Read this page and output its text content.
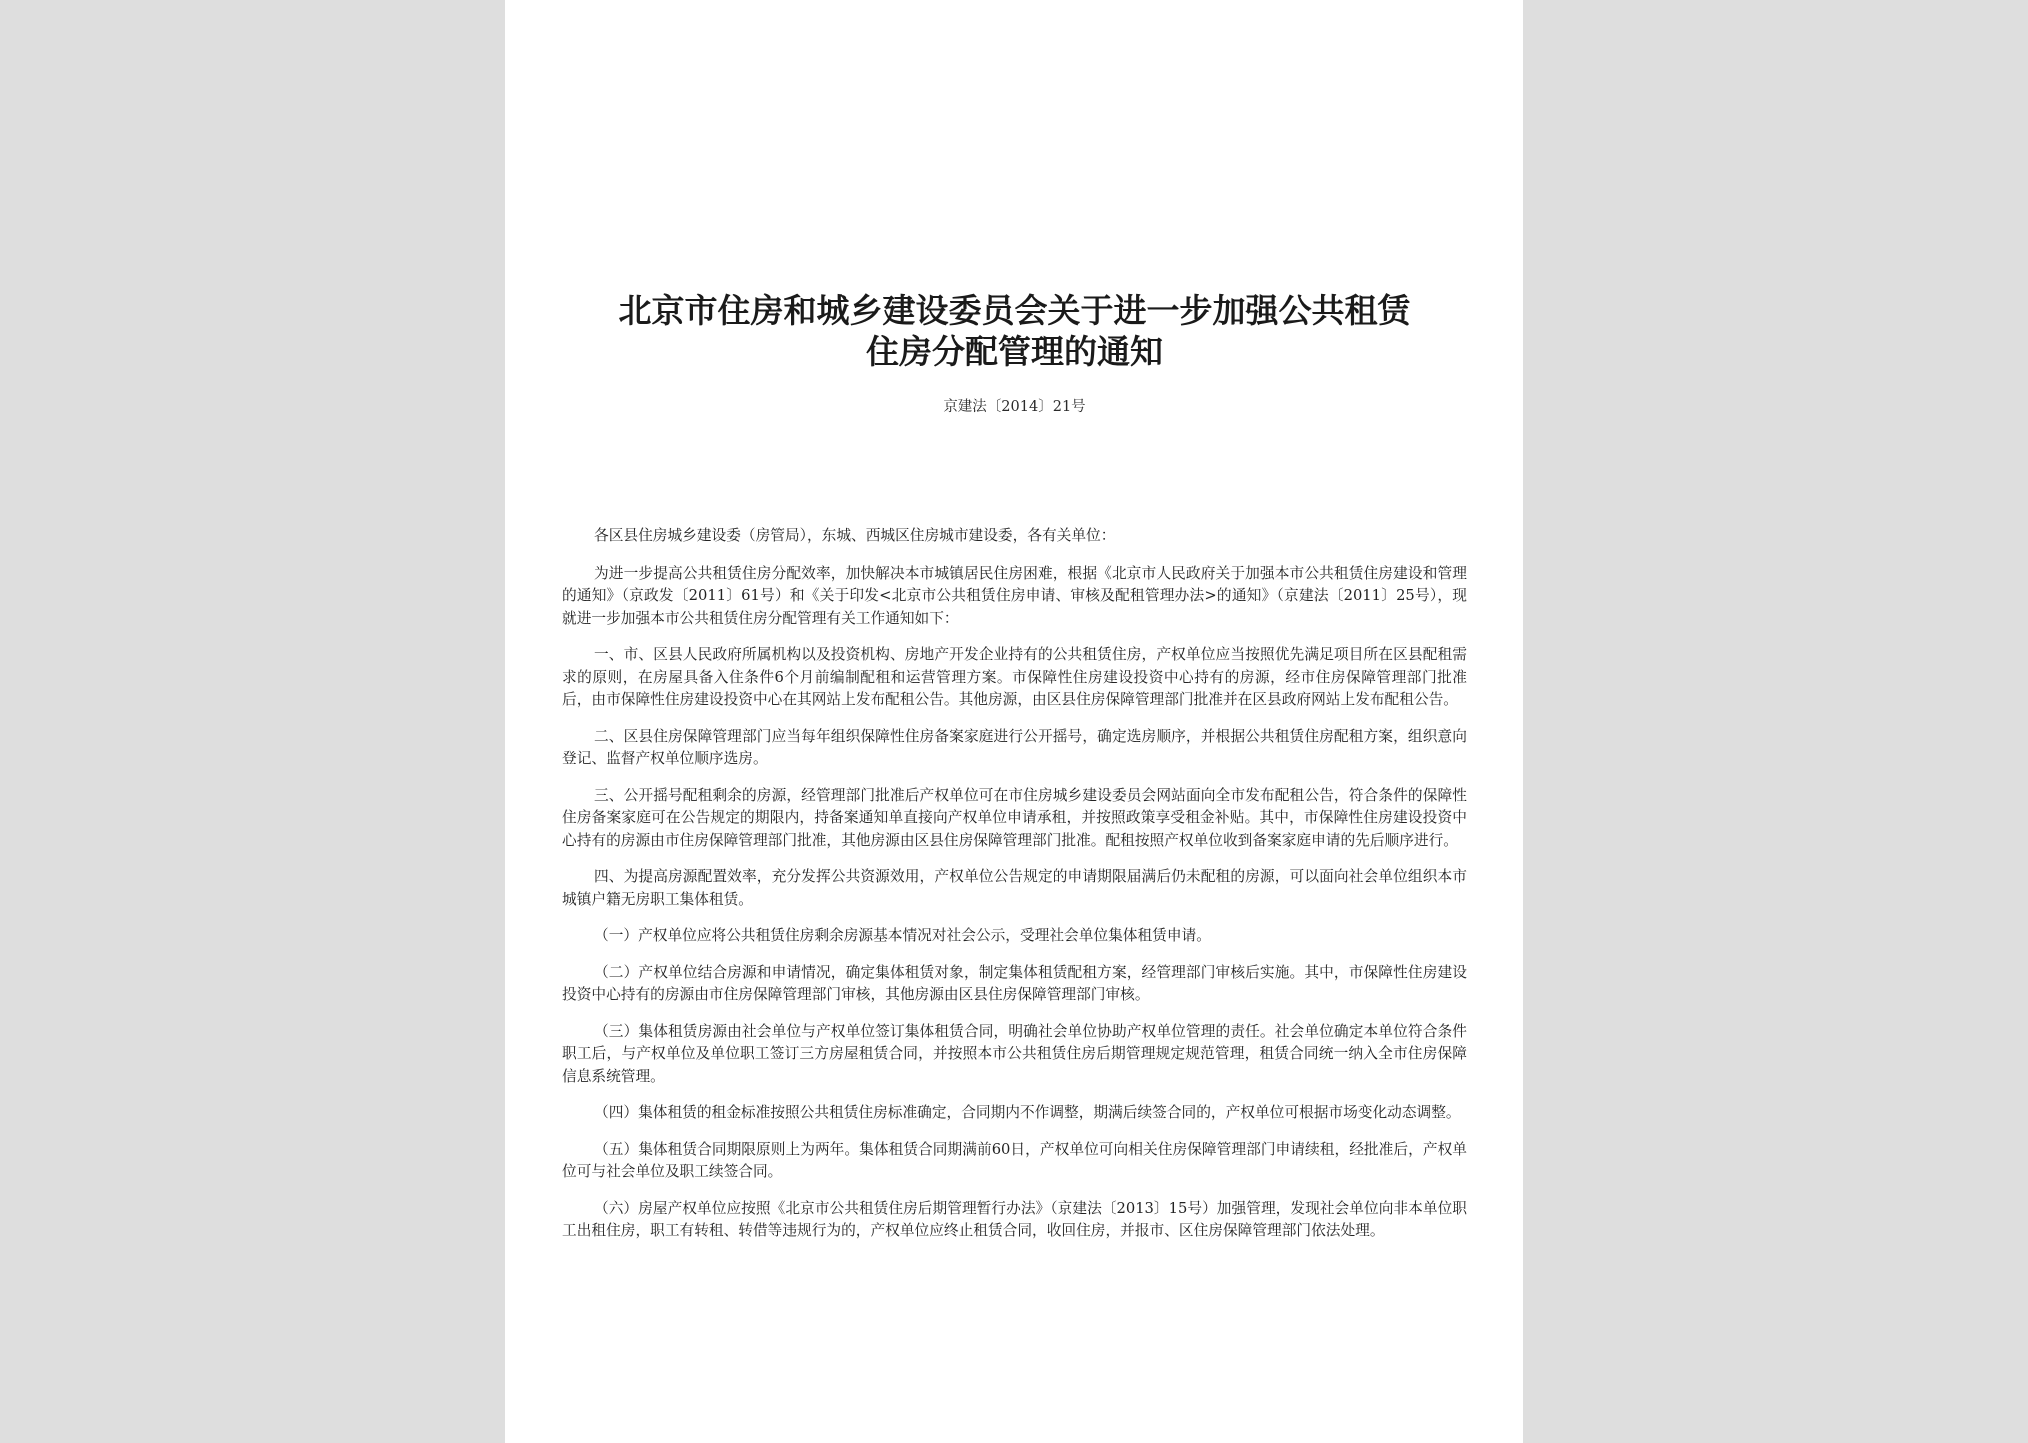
北京市住房和城乡建设委员会关于进一步加强公共租赁
住房分配管理的通知
京建法〔2014〕21号

各区县住房城乡建设委（房管局），东城、西城区住房城市建设委，各有关单位：

为进一步提高公共租赁住房分配效率，加快解决本市城镇居民住房困难，根据《北京市人民政府关于加强本市公共租赁住房建设和管理的通知》（京政发〔2011〕61号）和《关于印发<北京市公共租赁住房申请、审核及配租管理办法>的通知》（京建法〔2011〕25号），现就进一步加强本市公共租赁住房分配管理有关工作通知如下：

一、市、区县人民政府所属机构以及投资机构、房地产开发企业持有的公共租赁住房，产权单位应当按照优先满足项目所在区县配租需求的原则，在房屋具备入住条件6个月前编制配租和运营管理方案。市保障性住房建设投资中心持有的房源，经市住房保障管理部门批准后，由市保障性住房建设投资中心在其网站上发布配租公告。其他房源，由区县住房保障管理部门批准并在区县政府网站上发布配租公告。

二、区县住房保障管理部门应当每年组织保障性住房备案家庭进行公开摇号，确定选房顺序，并根据公共租赁住房配租方案，组织意向登记、监督产权单位顺序选房。

三、公开摇号配租剩余的房源，经管理部门批准后产权单位可在市住房城乡建设委员会网站面向全市发布配租公告，符合条件的保障性住房备案家庭可在公告规定的期限内，持备案通知单直接向产权单位申请承租，并按照政策享受租金补贴。其中，市保障性住房建设投资中心持有的房源由市住房保障管理部门批准，其他房源由区县住房保障管理部门批准。配租按照产权单位收到备案家庭申请的先后顺序进行。

四、为提高房源配置效率，充分发挥公共资源效用，产权单位公告规定的申请期限届满后仍未配租的房源，可以面向社会单位组织本市城镇户籍无房职工集体租赁。

（一）产权单位应将公共租赁住房剩余房源基本情况对社会公示，受理社会单位集体租赁申请。

（二）产权单位结合房源和申请情况，确定集体租赁对象，制定集体租赁配租方案，经管理部门审核后实施。其中，市保障性住房建设投资中心持有的房源由市住房保障管理部门审核，其他房源由区县住房保障管理部门审核。

（三）集体租赁房源由社会单位与产权单位签订集体租赁合同，明确社会单位协助产权单位管理的责任。社会单位确定本单位符合条件职工后，与产权单位及单位职工签订三方房屋租赁合同，并按照本市公共租赁住房后期管理规定规范管理，租赁合同统一纳入全市住房保障信息系统管理。

（四）集体租赁的租金标准按照公共租赁住房标准确定，合同期内不作调整，期满后续签合同的，产权单位可根据市场变化动态调整。

（五）集体租赁合同期限原则上为两年。集体租赁合同期满前60日，产权单位可向相关住房保障管理部门申请续租，经批准后，产权单位可与社会单位及职工续签合同。

（六）房屋产权单位应按照《北京市公共租赁住房后期管理暂行办法》（京建法〔2013〕15号）加强管理，发现社会单位向非本单位职工出租住房，职工有转租、转借等违规行为的，产权单位应终止租赁合同，收回住房，并报市、区住房保障管理部门依法处理。
